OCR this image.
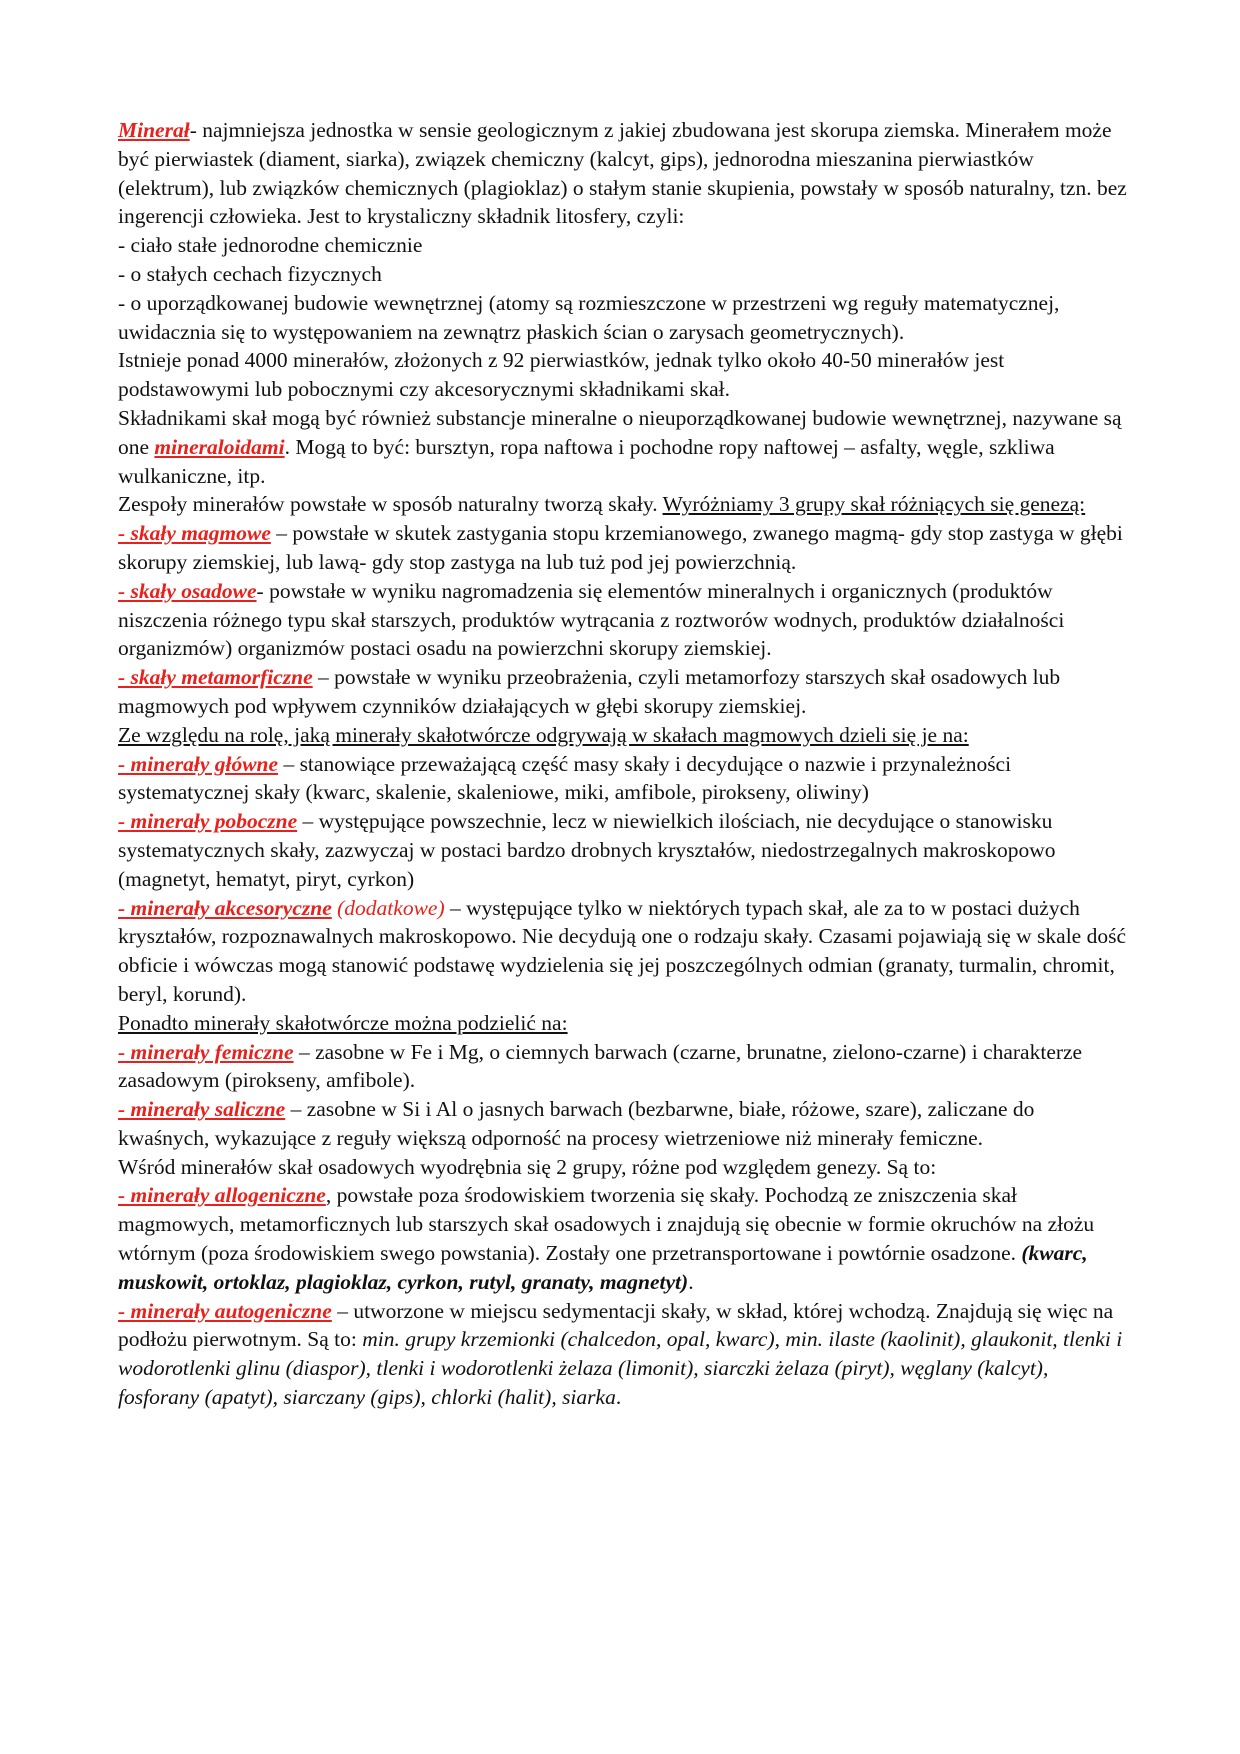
Minerał- najmniejsza jednostka w sensie geologicznym z jakiej zbudowana jest skorupa ziemska. Minerałem może być pierwiastek (diament, siarka), związek chemiczny (kalcyt, gips), jednorodna mieszanina pierwiastków (elektrum), lub związków chemicznych (plagioklaz) o stałym stanie skupienia, powstały w sposób naturalny, tzn. bez ingerencji człowieka. Jest to krystaliczny składnik litosfery, czyli:

- ciało stałe jednorodne chemicznie

- o stałych cechach fizycznych

- o uporządkowanej budowie wewnętrznej (atomy są rozmieszczone w przestrzeni wg reguły matematycznej, uwidacznia się to występowaniem na zewnątrz płaskich ścian o zarysach geometrycznych).

Istnieje ponad 4000 minerałów, złożonych z 92 pierwiastków, jednak tylko około 40-50 minerałów jest podstawowymi lub pobocznymi czy akcesorycznymi składnikami skał.

Składnikami skał mogą być również substancje mineralne o nieuporządkowanej budowie wewnętrznej, nazywane są one mineraloidami. Mogą to być: bursztyn, ropa naftowa i pochodne ropy naftowej – asfalty, węgle, szkliwa wulkaniczne, itp.

Zespoły minerałów powstałe w sposób naturalny tworzą skały. Wyróżniamy 3 grupy skał różniących się genezą:

- skały magmowe – powstałe w skutek zastygania stopu krzemianowego, zwanego magmą- gdy stop zastyga w głębi skorupy ziemskiej, lub lawą- gdy stop zastyga na lub tuż pod jej powierzchnią.

- skały osadowe- powstałe w wyniku nagromadzenia się elementów mineralnych i organicznych (produktów niszczenia różnego typu skał starszych, produktów wytrącania z roztworów wodnych, produktów działalności organizmów) organizmów postaci osadu na powierzchni skorupy ziemskiej.

- skały metamorficzne – powstałe w wyniku przeobrażenia, czyli metamorfozy starszych skał osadowych lub magmowych pod wpływem czynników działających w głębi skorupy ziemskiej.

Ze względu na rolę, jaką minerały skałotwórcze odgrywają w skałach magmowych dzieli się je na:

- minerały główne – stanowiące przeważającą część masy skały i decydujące o nazwie i przynależności systematycznej skały (kwarc, skalenie, skaleniowe, miki, amfibole, pirokseny, oliwiny)

- minerały poboczne – występujące powszechnie, lecz w niewielkich ilościach, nie decydujące o stanowisku systematycznych skały, zazwyczaj w postaci bardzo drobnych kryształów, niedostrzegalnych makroskopowo (magnetyt, hematyt, piryt, cyrkon)

- minerały akcesoryczne (dodatkowe) – występujące tylko w niektórych typach skał, ale za to w postaci dużych kryształów, rozpoznawalnych makroskopowo. Nie decydują one o rodzaju skały. Czasami pojawiają się w skale dość obficie i wówczas mogą stanowić podstawę wydzielenia się jej poszczególnych odmian (granaty, turmalin, chromit, beryl, korund).

Ponadto minerały skałotwórcze można podzielić na:

- minerały femiczne – zasobne w Fe i Mg, o ciemnych barwach (czarne, brunatne, zielono-czarne) i charakterze zasadowym (pirokseny, amfibole).

- minerały saliczne – zasobne w Si i Al o jasnych barwach (bezbarwne, białe, różowe, szare), zaliczane do kwaśnych, wykazujące z reguły większą odporność na procesy wietrzeniowe niż minerały femiczne.

Wśród minerałów skał osadowych wyodrębnia się 2 grupy, różne pod względem genezy. Są to:

- minerały allogeniczne, powstałe poza środowiskiem tworzenia się skały. Pochodzą ze zniszczenia skał magmowych, metamorficznych lub starszych skał osadowych i znajdują się obecnie w formie okruchów na złożu wtórnym (poza środowiskiem swego powstania). Zostały one przetransportowane i powtórnie osadzone. (kwarc, muskowit, ortoklaz, plagioklaz, cyrkon, rutyl, granaty, magnetyt).

- minerały autogeniczne – utworzone w miejscu sedymentacji skały, w skład, której wchodzą. Znajdują się więc na podłożu pierwotnym. Są to: min. grupy krzemionki (chalcedon, opal, kwarc), min. ilaste (kaolinit), glaukonit, tlenki i wodorotlenki glinu (diaspor), tlenki i wodorotlenki żelaza (limonit), siarczki żelaza (piryt), węglany (kalcyt), fosforany (apatyt), siarczany (gips), chlorki (halit), siarka.
